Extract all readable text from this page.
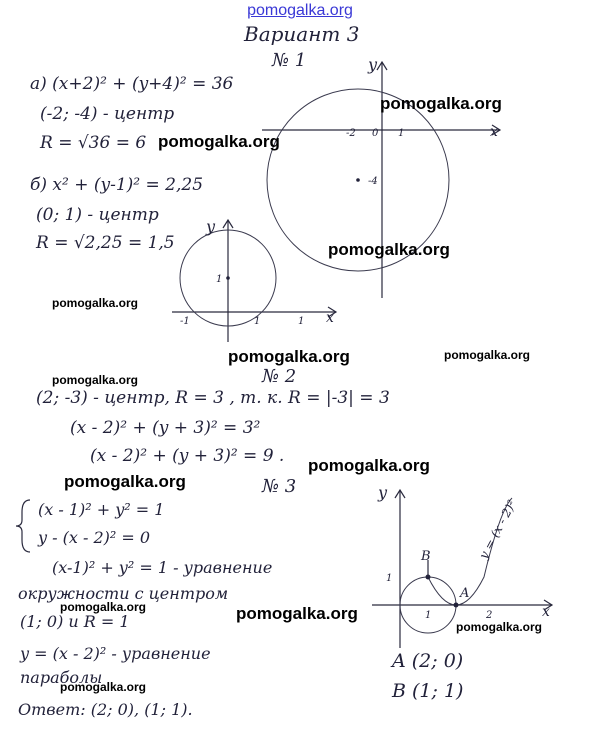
y
x
-2 0 1
-4
y
x
1
-1	1	1
y
x
B
A
1
1	2
y = (x - 2)²
pomogalka.org
Вариант 3
№ 1
а) (x+2)² + (y+4)² = 36
(-2; -4) - центр
R = √36 = 6
б) x² + (y-1)² = 2,25
(0; 1) - центр
R = √2,25 = 1,5
№ 2
(2; -3) - центр, R = 3 , т. к. R = |-3| = 3
(x - 2)² + (y + 3)² = 3²
(x - 2)² + (y + 3)² = 9 .
№ 3
(x - 1)² + y² = 1
y - (x - 2)² = 0
(x-1)² + y² = 1 - уравнение
окружности с центром
(1; 0) и R = 1
y = (x - 2)² - уравнение
параболы
Ответ: (2; 0), (1; 1).
A (2; 0)
B (1; 1)
pomogalka.org
pomogalka.org
pomogalka.org
pomogalka.org
pomogalka.org	pomogalka.org
pomogalka.org
pomogalka.org
pomogalka.org
pomogalka.org	pomogalka.org
pomogalka.org
pomogalka.org
